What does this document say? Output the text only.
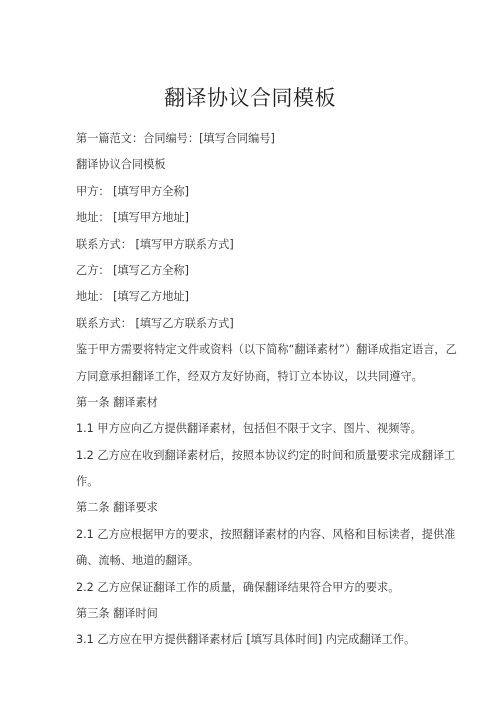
翻译协议合同模板
第一篇范文：合同编号：[填写合同编号]
翻译协议合同模板
甲方： [填写甲方全称]
地址： [填写甲方地址]
联系方式： [填写甲方联系方式]
乙方： [填写乙方全称]
地址： [填写乙方地址]
联系方式： [填写乙方联系方式]
鉴于甲方需要将特定文件或资料（以下简称“翻译素材”）翻译成指定语言，乙
方同意承担翻译工作，经双方友好协商，特订立本协议，以共同遵守。
第一条 翻译素材
1.1 甲方应向乙方提供翻译素材，包括但不限于文字、图片、视频等。
1.2 乙方应在收到翻译素材后，按照本协议约定的时间和质量要求完成翻译工
作。
第二条 翻译要求
2.1 乙方应根据甲方的要求，按照翻译素材的内容、风格和目标读者，提供准
确、流畅、地道的翻译。
2.2 乙方应保证翻译工作的质量，确保翻译结果符合甲方的要求。
第三条 翻译时间
3.1 乙方应在甲方提供翻译素材后 [填写具体时间] 内完成翻译工作。
